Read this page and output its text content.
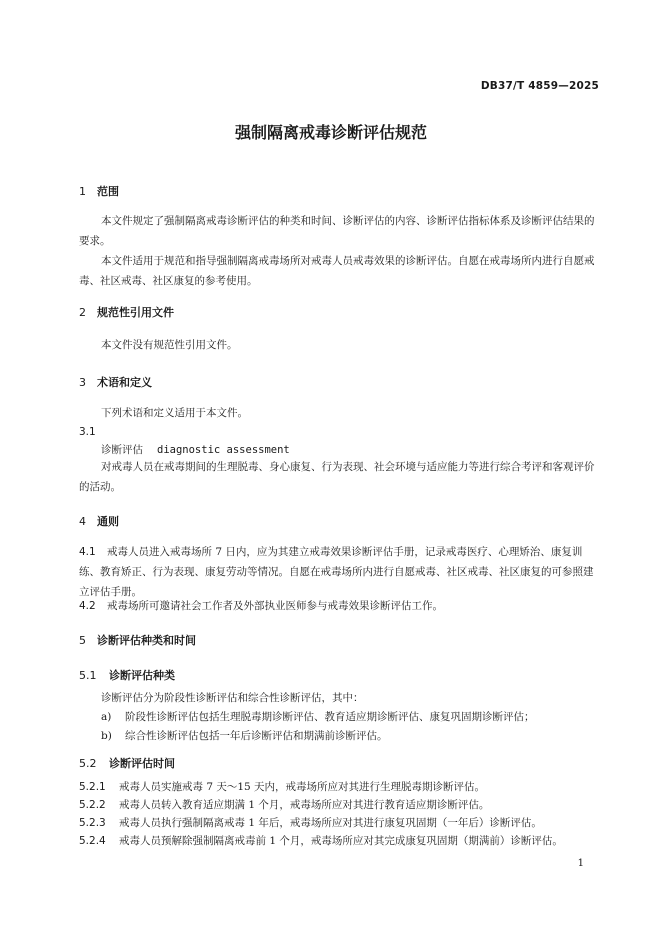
DB37/T 4859—2025
强制隔离戒毒诊断评估规范
1 范围
本文件规定了强制隔离戒毒诊断评估的种类和时间、诊断评估的内容、诊断评估指标体系及诊断评估结果的要求。
本文件适用于规范和指导强制隔离戒毒场所对戒毒人员戒毒效果的诊断评估。自愿在戒毒场所内进行自愿戒毒、社区戒毒、社区康复的参考使用。
2 规范性引用文件
本文件没有规范性引用文件。
3 术语和定义
下列术语和定义适用于本文件。
3.1
诊断评估 diagnostic assessment
对戒毒人员在戒毒期间的生理脱毒、身心康复、行为表现、社会环境与适应能力等进行综合考评和客观评价的活动。
4 通则
4.1 戒毒人员进入戒毒场所 7 日内，应为其建立戒毒效果诊断评估手册，记录戒毒医疗、心理矫治、康复训练、教育矫正、行为表现、康复劳动等情况。自愿在戒毒场所内进行自愿戒毒、社区戒毒、社区康复的可参照建立评估手册。
4.2 戒毒场所可邀请社会工作者及外部执业医师参与戒毒效果诊断评估工作。
5 诊断评估种类和时间
5.1 诊断评估种类
诊断评估分为阶段性诊断评估和综合性诊断评估，其中：
a) 阶段性诊断评估包括生理脱毒期诊断评估、教育适应期诊断评估、康复巩固期诊断评估；
b) 综合性诊断评估包括一年后诊断评估和期满前诊断评估。
5.2 诊断评估时间
5.2.1 戒毒人员实施戒毒 7 天～15 天内，戒毒场所应对其进行生理脱毒期诊断评估。
5.2.2 戒毒人员转入教育适应期满 1 个月，戒毒场所应对其进行教育适应期诊断评估。
5.2.3 戒毒人员执行强制隔离戒毒 1 年后，戒毒场所应对其进行康复巩固期（一年后）诊断评估。
5.2.4 戒毒人员预解除强制隔离戒毒前 1 个月，戒毒场所应对其完成康复巩固期（期满前）诊断评估。
1
